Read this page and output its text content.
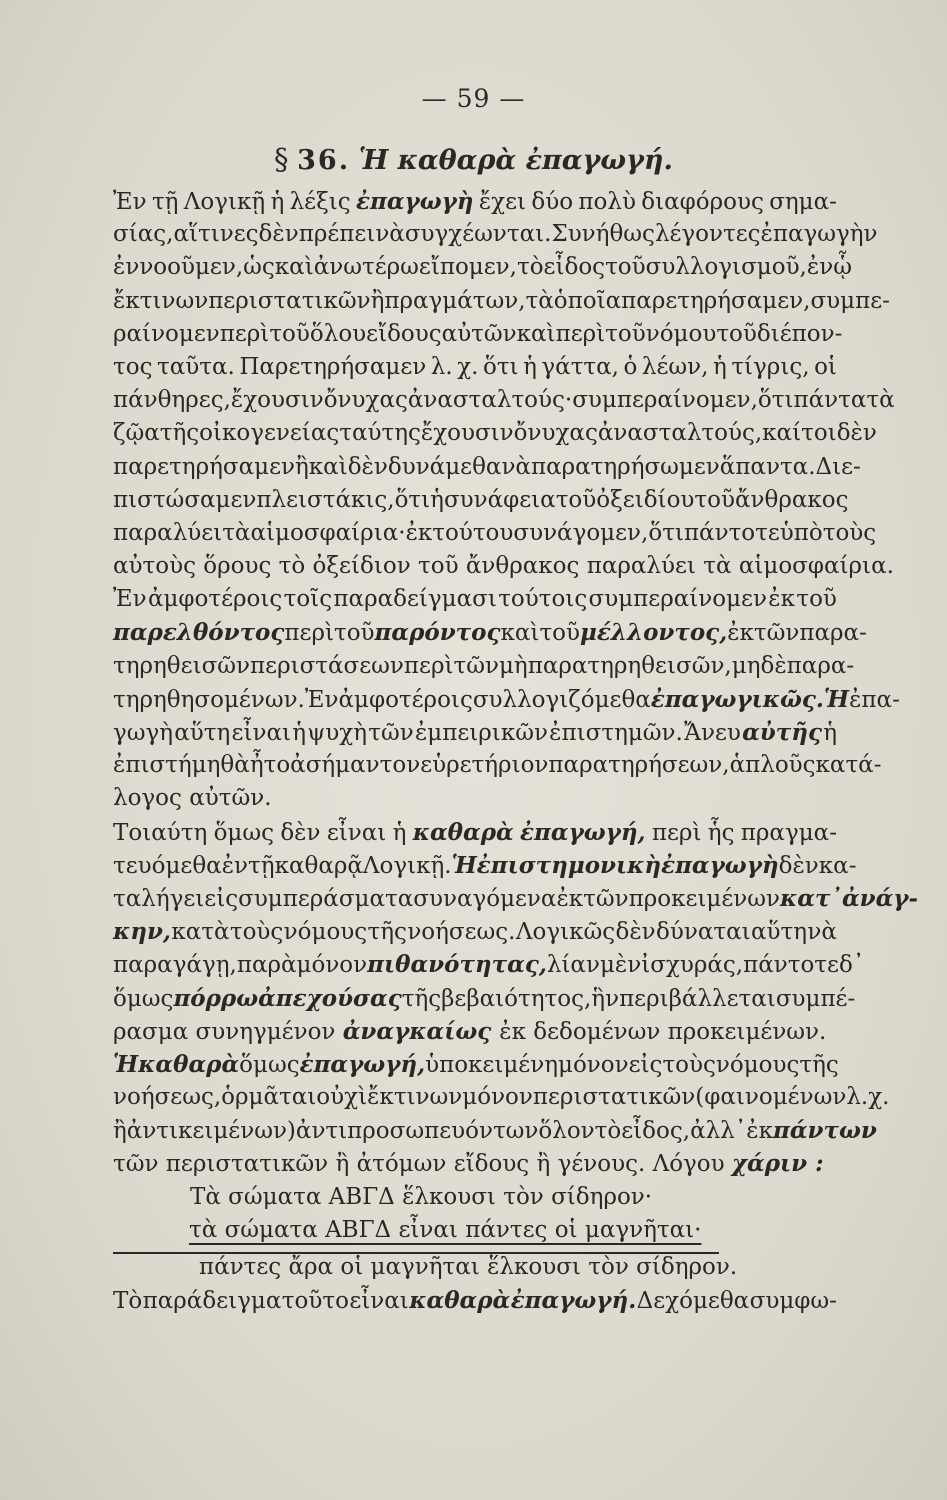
— 59 —
§ 36. Ἡ καθαρὰ ἐπαγωγή.
Ἐν τῇ Λογικῇ ἡ λέξις ἐπαγωγὴ ἔχει δύο πολὺ διαφόρους σημα-
σίας, αἵτινες δὲν πρέπει νὰ συγχέωνται. Συνήθως λέγοντες ἐπαγωγὴν
ἐννοοῦμεν, ὡς καὶ ἀνωτέρω εἴπομεν, τὸ εἶδος τοῦ συλλογισμοῦ, ἐν ᾧ
ἔκ τινων περιστατικῶν ἢ πραγμάτων, τὰ ὁποῖα παρετηρήσαμεν, συμπε-
ραίνομεν περὶ τοῦ ὅλου εἴδους αὐτῶν καὶ περὶ τοῦ νόμου τοῦ διέπον-
τος ταῦτα. Παρετηρήσαμεν λ. χ. ὅτι ἡ γάττα, ὁ λέων, ἡ τίγρις, οἱ
πάνθηρες, ἔχουσιν ὄνυχας ἀνασταλτούς· συμπεραίνομεν, ὅτι πάντα τὰ
ζῷα τῆς οἰκογενείας ταύτης ἔχουσιν ὄνυχας ἀνασταλτούς, καίτοι δὲν
παρετηρήσαμεν ἢ καὶ δὲν δυνάμεθα νὰ παρατηρήσωμεν ἅπαντα. Διε-
πιστώσαμεν πλειστάκις, ὅτι ἡ συνάφεια τοῦ ὀξειδίου τοῦ ἄνθρακος
παραλύει τὰ αἱμοσφαίρια· ἐκ τούτου συνάγομεν, ὅτι πάντοτε ὑπὸ τοὺς
αὐτοὺς ὅρους τὸ ὀξείδιον τοῦ ἄνθρακος παραλύει τὰ αἱμοσφαίρια.
Ἐν ἀμφοτέροις τοῖς παραδείγμασι τούτοις συμπεραίνομεν ἐκ τοῦ
παρελθόντος περὶ τοῦ παρόντος καὶ τοῦ μέλλοντος, ἐκ τῶν παρα-
τηρηθεισῶν περιστάσεων περὶ τῶν μὴ παρατηρηθεισῶν, μηδὲ παρα-
τηρηθησομένων. Ἐν ἀμφοτέροις συλλογιζόμεθα ἐπαγωγικῶς. Ἡ ἐπα-
γωγὴ αὕτη εἶναι ἡ ψυχὴ τῶν ἐμπειρικῶν ἐπιστημῶν. Ἄνευ αὐτῆς ἡ
ἐπιστήμη θὰ ἦτο ἀσήμαντον εὑρετήριον παρατηρήσεων, ἁπλοῦς κατά-
λογος αὐτῶν.
Τοιαύτη ὅμως δὲν εἶναι ἡ καθαρὰ ἐπαγωγή, περὶ ἧς πραγμα-
τευόμεθα ἐν τῇ καθαρᾷ Λογικῇ. Ἡ ἐπιστημονικὴ ἐπαγωγὴ δὲν κα-
ταλήγει εἰς συμπεράσματα συναγόμενα ἐκ τῶν προκειμένων κατ᾽ ἀνάγ-
κην, κατὰ τοὺς νόμους τῆς νοήσεως. Λογικῶς δὲν δύναται αὕτη νὰ
παραγάγῃ, παρὰ μόνον πιθανότητας, λίαν μὲν ἰσχυράς, πάντοτε δ᾽
ὅμως πόρρω ἀπεχούσας τῆς βεβαιότητος, ἣν περιβάλλεται συμπέ-
ρασμα συνηγμένον ἀναγκαίως ἐκ δεδομένων προκειμένων.
Ἡ καθαρὰ ὅμως ἐπαγωγή, ὑποκειμένη μόνον εἰς τοὺς νόμους τῆς
νοήσεως, ὁρμᾶται οὐχὶ ἔκ τινων μόνον περιστατικῶν (φαινομένων λ. χ.
ἢ ἀντικειμένων) ἀντιπροσωπευόντων ὅλον τὸ εἶδος, ἀλλ᾽ ἐκ πάντων
τῶν περιστατικῶν ἢ ἀτόμων εἴδους ἢ γένους. Λόγου χάριν :
Τὰ σώματα ΑΒΓΔ ἕλκουσι τὸν σίδηρον·
τὰ σώματα ΑΒΓΔ εἶναι πάντες οἱ μαγνῆται·
πάντες ἄρα οἱ μαγνῆται ἕλκουσι τὸν σίδηρον.
Τὸ παράδειγμα τοῦτο εἶναι καθαρὰ ἐπαγωγή. Δεχόμεθα συμφω-
